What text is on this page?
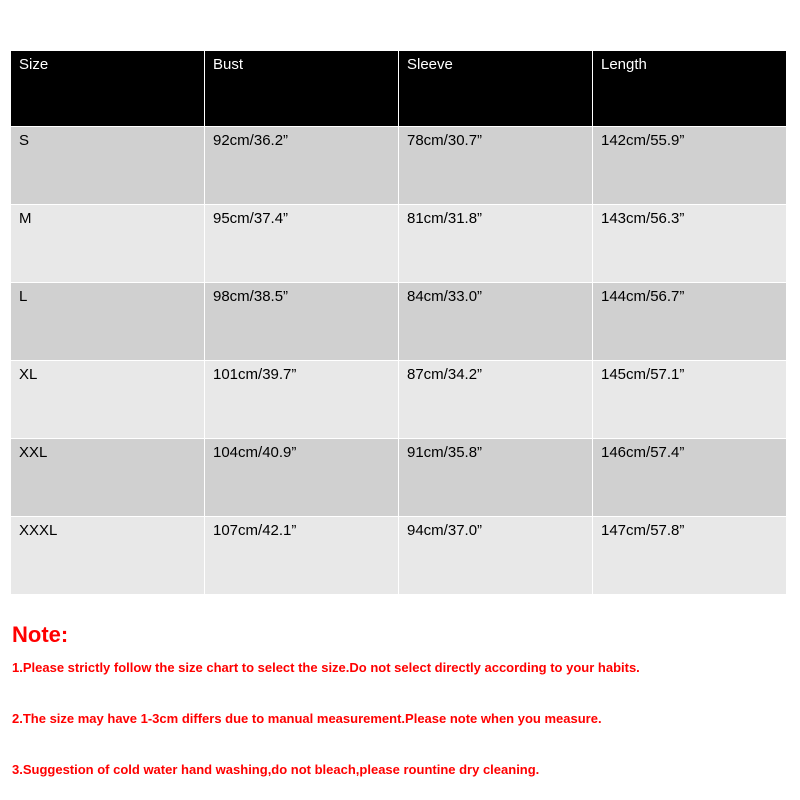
Size	Bust	Sleeve	Length
S	92cm/36.2”	78cm/30.7”	142cm/55.9”
M	95cm/37.4”	81cm/31.8”	143cm/56.3”
L	98cm/38.5”	84cm/33.0”	144cm/56.7”
XL	101cm/39.7”	87cm/34.2”	145cm/57.1”
XXL	104cm/40.9”	91cm/35.8”	146cm/57.4”
XXXL	107cm/42.1”	94cm/37.0”	147cm/57.8”
Note:

1.Please strictly follow the size chart to select the size.Do not select directly according to your habits.

2.The size may have 1-3cm differs due to manual measurement.Please note when you measure.

3.Suggestion of cold water hand washing,do not bleach,please rountine dry cleaning.
